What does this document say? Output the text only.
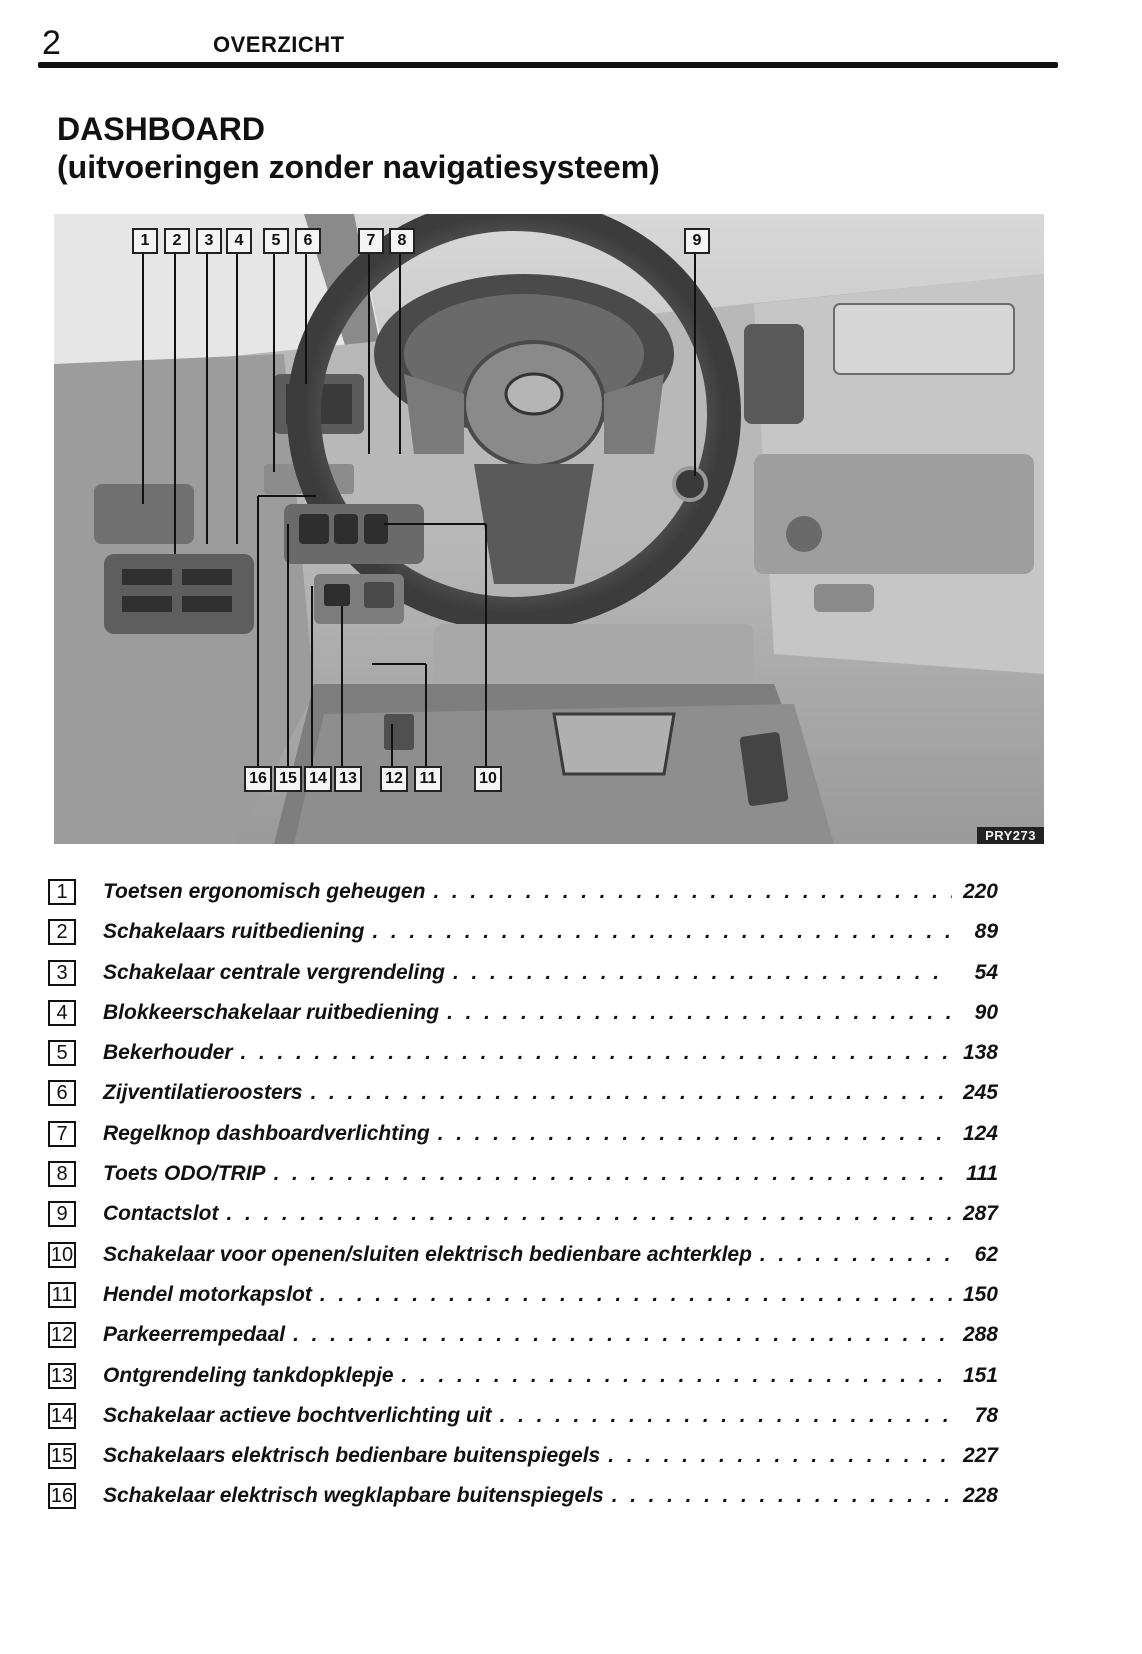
2	OVERZICHT
DASHBOARD
(uitvoeringen zonder navigatiesysteem)
1	2	3	4	5	6	7	8	9
16 15 14 13	12	11	10
PRY273
1	Toetsen ergonomisch geheugen . . .	220
2	Schakelaars ruitbediening . . .	89
3	Schakelaar centrale vergrendeling . . .	54
4	Blokkeerschakelaar ruitbediening . . .	90
5	Bekerhouder . . .	138
6	Zijventilatieroosters . . .	245
7	Regelknop dashboardverlichting . . .	124
8	Toets ODO/TRIP . . .	111
9	Contactslot . . .	287
10 Schakelaar voor openen/sluiten elektrisch bedienbare achterklep . . .	62
11 Hendel motorkapslot . . .	150
12 Parkeerrempedaal . . .	288
13 Ontgrendeling tankdopklepje . . .	151
14 Schakelaar actieve bochtverlichting uit . . .	78
15 Schakelaars elektrisch bedienbare buitenspiegels . . .	227
16 Schakelaar elektrisch wegklapbare buitenspiegels . . .	228
